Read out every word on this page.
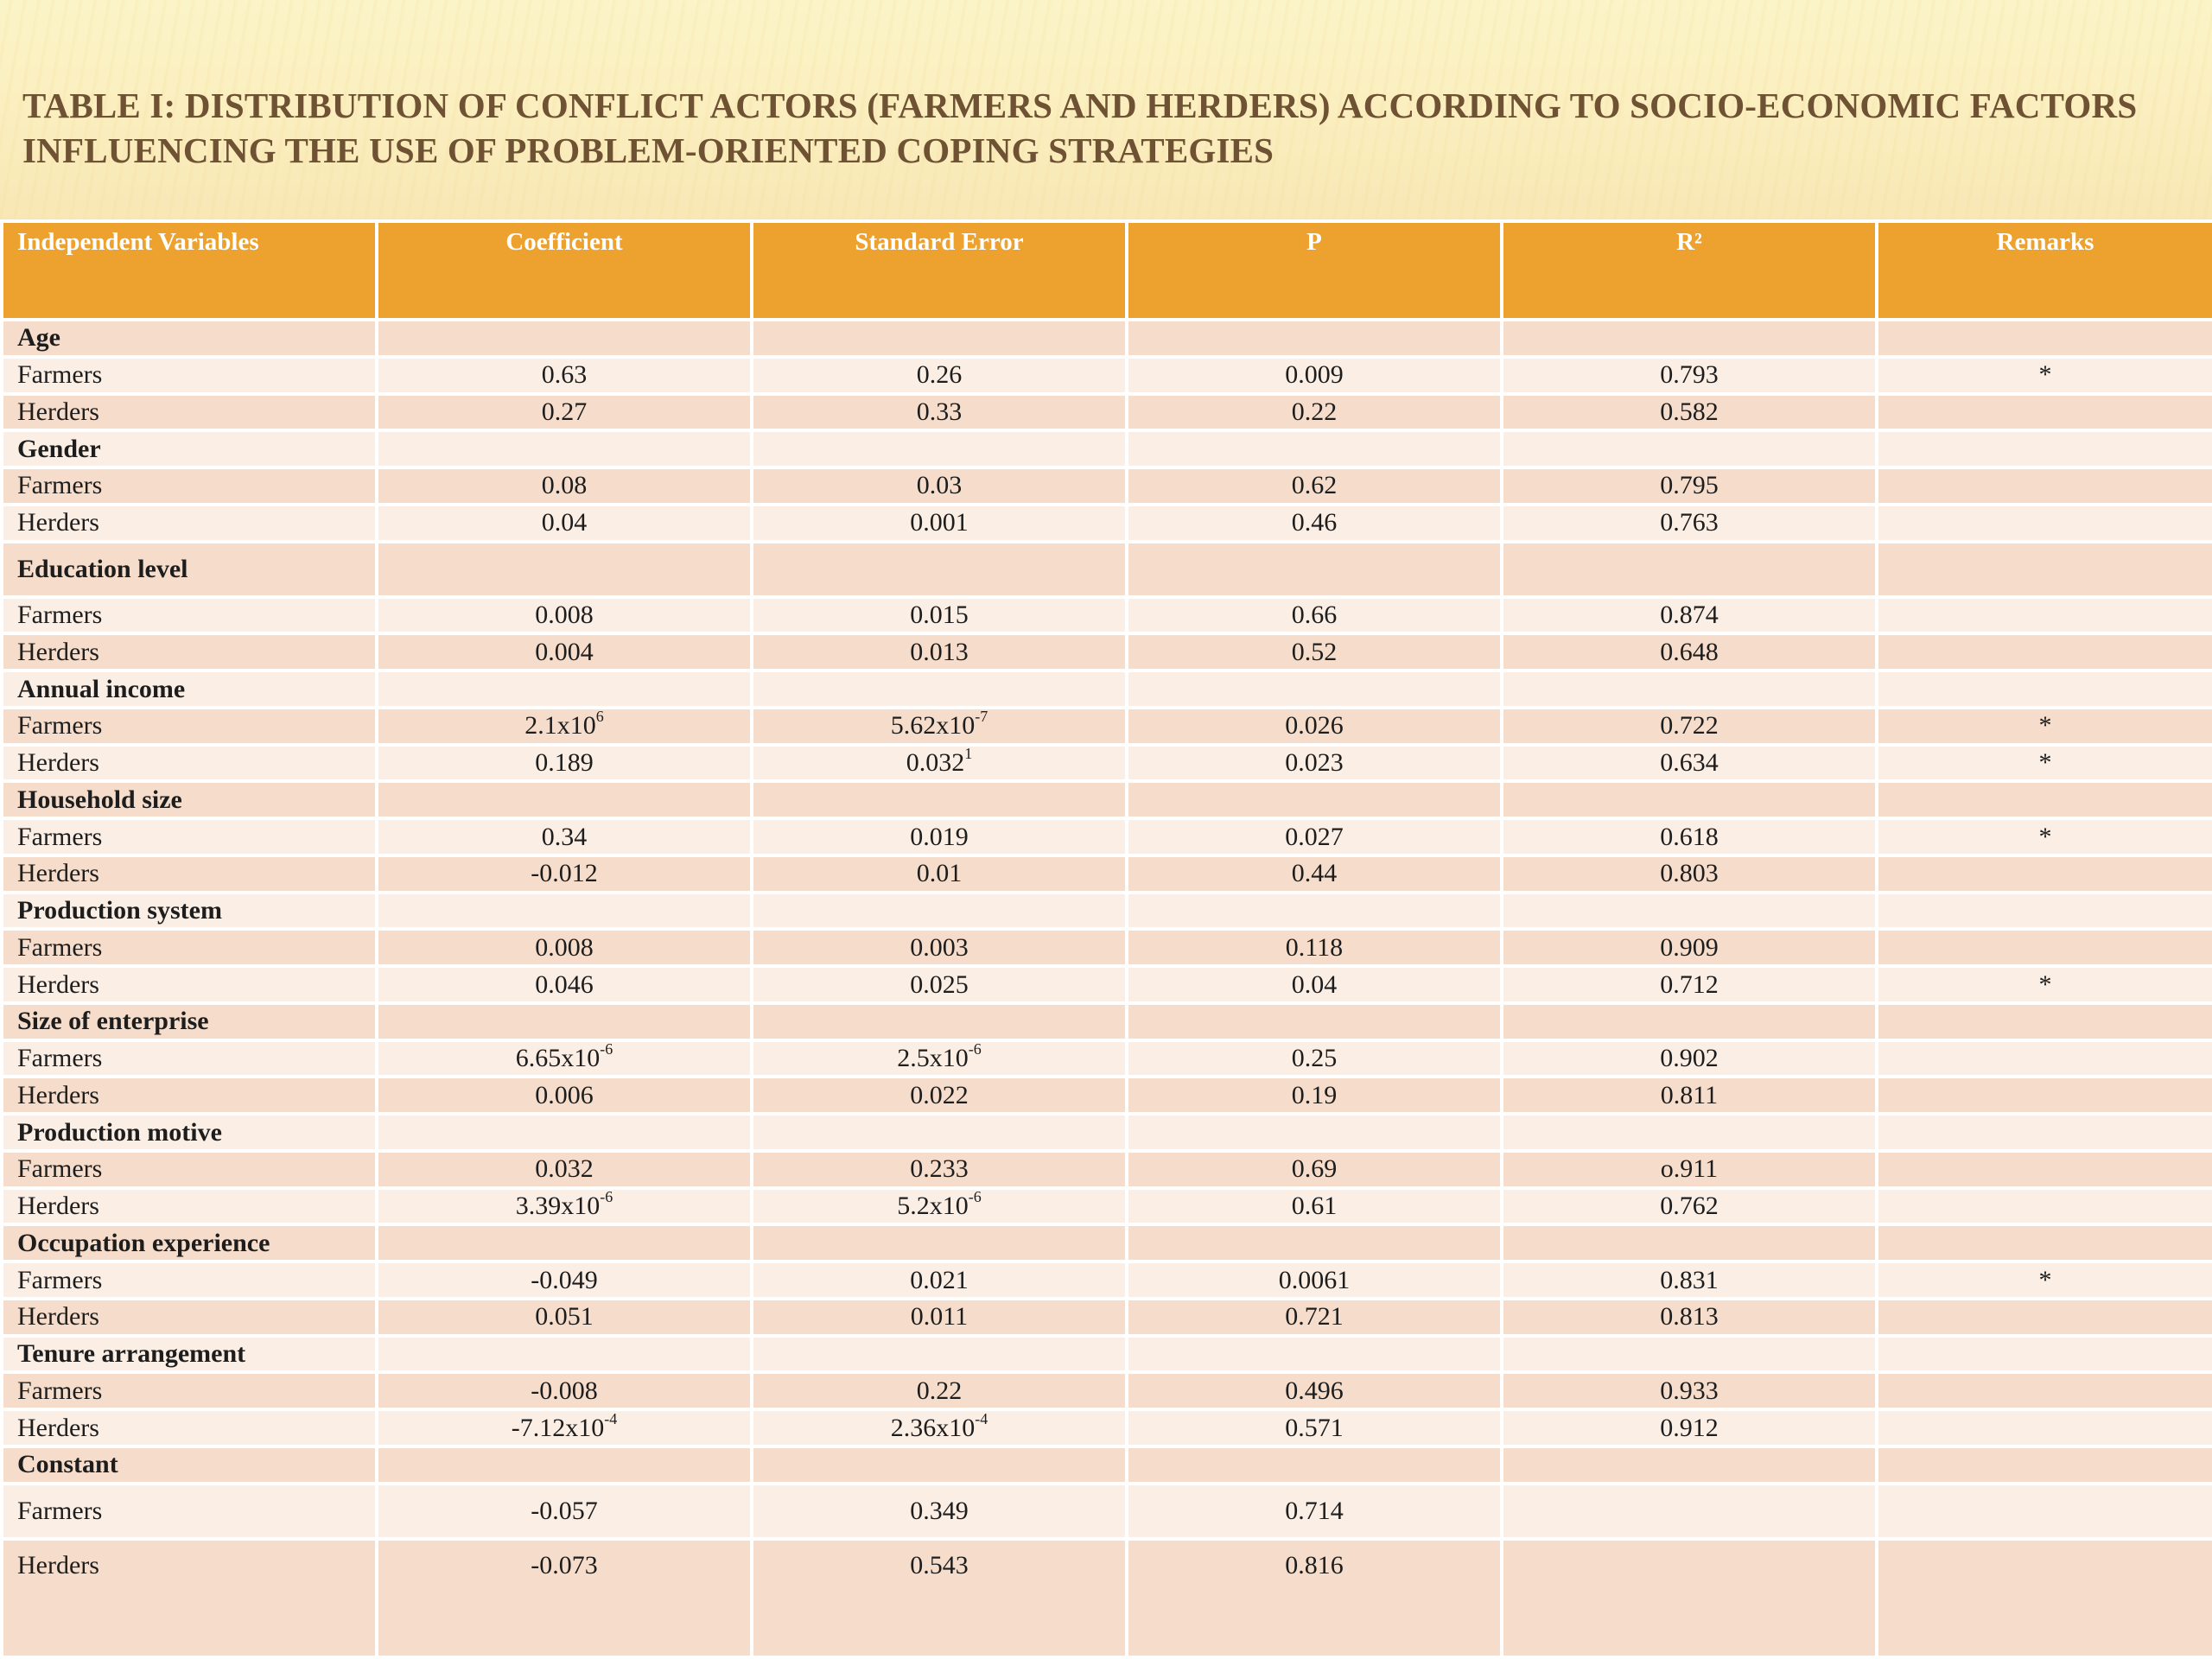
TABLE I: DISTRIBUTION OF CONFLICT ACTORS (FARMERS AND HERDERS) ACCORDING TO SOCIO-ECONOMIC FACTORS INFLUENCING THE USE OF PROBLEM-ORIENTED COPING STRATEGIES
Independent Variables	Coefficient	Standard Error	P	R²	Remarks
Age					
Farmers	0.63	0.26	0.009	0.793	*
Herders	0.27	0.33	0.22	0.582	
Gender					
Farmers	0.08	0.03	0.62	0.795	
Herders	0.04	0.001	0.46	0.763	
Education level					
Farmers	0.008	0.015	0.66	0.874	
Herders	0.004	0.013	0.52	0.648	
Annual income					
Farmers	$2.1x10^6$	$5.62x10^{-7}$	0.026	0.722	*
Herders	0.189	0.032$^1$	0.023	0.634	*
Household size					
Farmers	0.34	0.019	0.027	0.618	*
Herders	-0.012	0.01	0.44	0.803	
Production system					
Farmers	0.008	0.003	0.118	0.909	
Herders	0.046	0.025	0.04	0.712	*
Size of enterprise					
Farmers	$6.65x10^{-6}$	$2.5x10^{-6}$	0.25	0.902	
Herders	0.006	0.022	0.19	0.811	
Production motive					
Farmers	0.032	0.233	0.69	o.911	
Herders	$3.39x10^{-6}$	$5.2x10^{-6}$	0.61	0.762	
Occupation experience					
Farmers	-0.049	0.021	0.0061	0.831	*
Herders	0.051	0.011	0.721	0.813	
Tenure arrangement					
Farmers	-0.008	0.22	0.496	0.933	
Herders	$-7.12x10^{-4}$	$2.36x10^{-4}$	0.571	0.912	
Constant					
Farmers	-0.057	0.349	0.714		
Herders	-0.073	0.543	0.816		
